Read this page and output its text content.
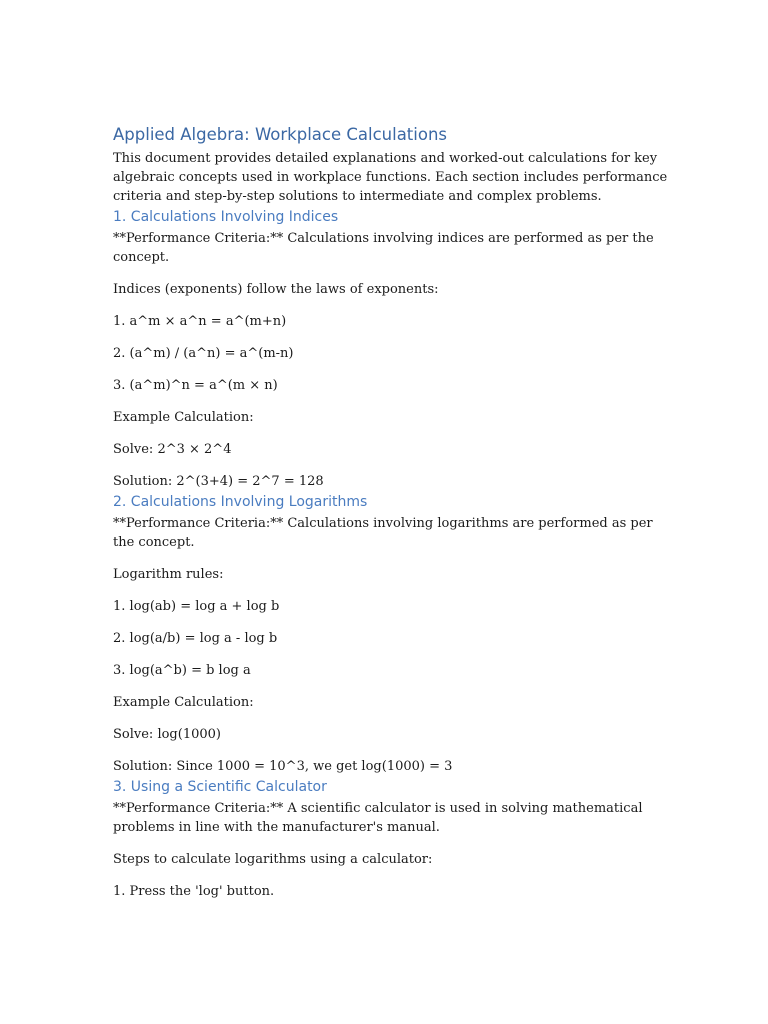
Applied Algebra: Workplace Calculations

This document provides detailed explanations and worked-out calculations for key algebraic concepts used in workplace functions. Each section includes performance criteria and step-by-step solutions to intermediate and complex problems.

1. Calculations Involving Indices

**Performance Criteria:** Calculations involving indices are performed as per the concept.

Indices (exponents) follow the laws of exponents:

1. a^m × a^n = a^(m+n)

2. (a^m) / (a^n) = a^(m-n)

3. (a^m)^n = a^(m × n)

Example Calculation:

Solve: 2^3 × 2^4

Solution: 2^(3+4) = 2^7 = 128

2. Calculations Involving Logarithms

**Performance Criteria:** Calculations involving logarithms are performed as per the concept.

Logarithm rules:

1. log(ab) = log a + log b

2. log(a/b) = log a - log b

3. log(a^b) = b log a

Example Calculation:

Solve: log(1000)

Solution: Since 1000 = 10^3, we get log(1000) = 3

3. Using a Scientific Calculator

**Performance Criteria:** A scientific calculator is used in solving mathematical problems in line with the manufacturer's manual.

Steps to calculate logarithms using a calculator:

1. Press the 'log' button.
